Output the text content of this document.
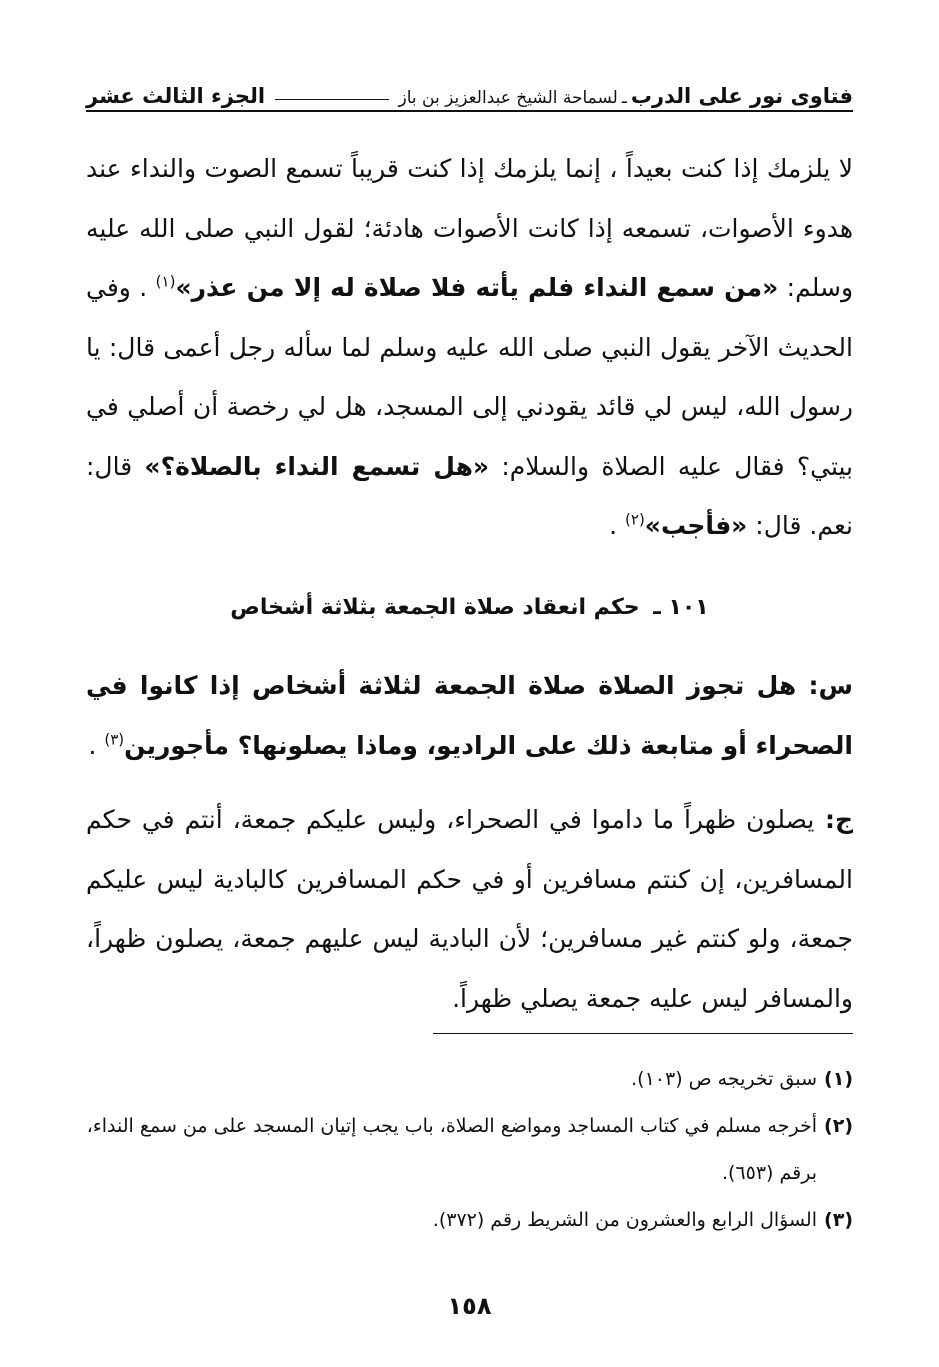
فتاوى نور على الدرب
ـ
لسماحة الشيخ عبدالعزيز بن باز
الجزء الثالث عشر
لا يلزمك إذا كنت بعيداً ، إنما يلزمك إذا كنت قريباً تسمع الصوت والنداء عند هدوء الأصوات، تسمعه إذا كانت الأصوات هادئة؛ لقول النبي صلى الله عليه وسلم: «من سمع النداء فلم يأته فلا صلاة له إلا من عذر»$^{(١)}$ . وفي الحديث الآخر يقول النبي صلى الله عليه وسلم لما سأله رجل أعمى قال: يا رسول الله، ليس لي قائد يقودني إلى المسجد، هل لي رخصة أن أصلي في بيتي؟ فقال عليه الصلاة والسلام: «هل تسمع النداء بالصلاة؟» قال: نعم. قال: «فأجب»$^{(٢)}$ .
١٠١ ـ حكم انعقاد صلاة الجمعة بثلاثة أشخاص
س: هل تجوز الصلاة صلاة الجمعة لثلاثة أشخاص إذا كانوا في الصحراء أو متابعة ذلك على الراديو، وماذا يصلونها؟ مأجورين$^{(٣)}$ .
ج: يصلون ظهراً ما داموا في الصحراء، وليس عليكم جمعة، أنتم في حكم المسافرين، إن كنتم مسافرين أو في حكم المسافرين كالبادية ليس عليكم جمعة، ولو كنتم غير مسافرين؛ لأن البادية ليس عليهم جمعة، يصلون ظهراً، والمسافر ليس عليه جمعة يصلي ظهراً.
(١)
سبق تخريجه ص (١٠٣).
(٢)
أخرجه مسلم في كتاب المساجد ومواضع الصلاة، باب يجب إتيان المسجد على من سمع النداء، برقم (٦٥٣).
(٣)
السؤال الرابع والعشرون من الشريط رقم (٣٧٢).
١٥٨
